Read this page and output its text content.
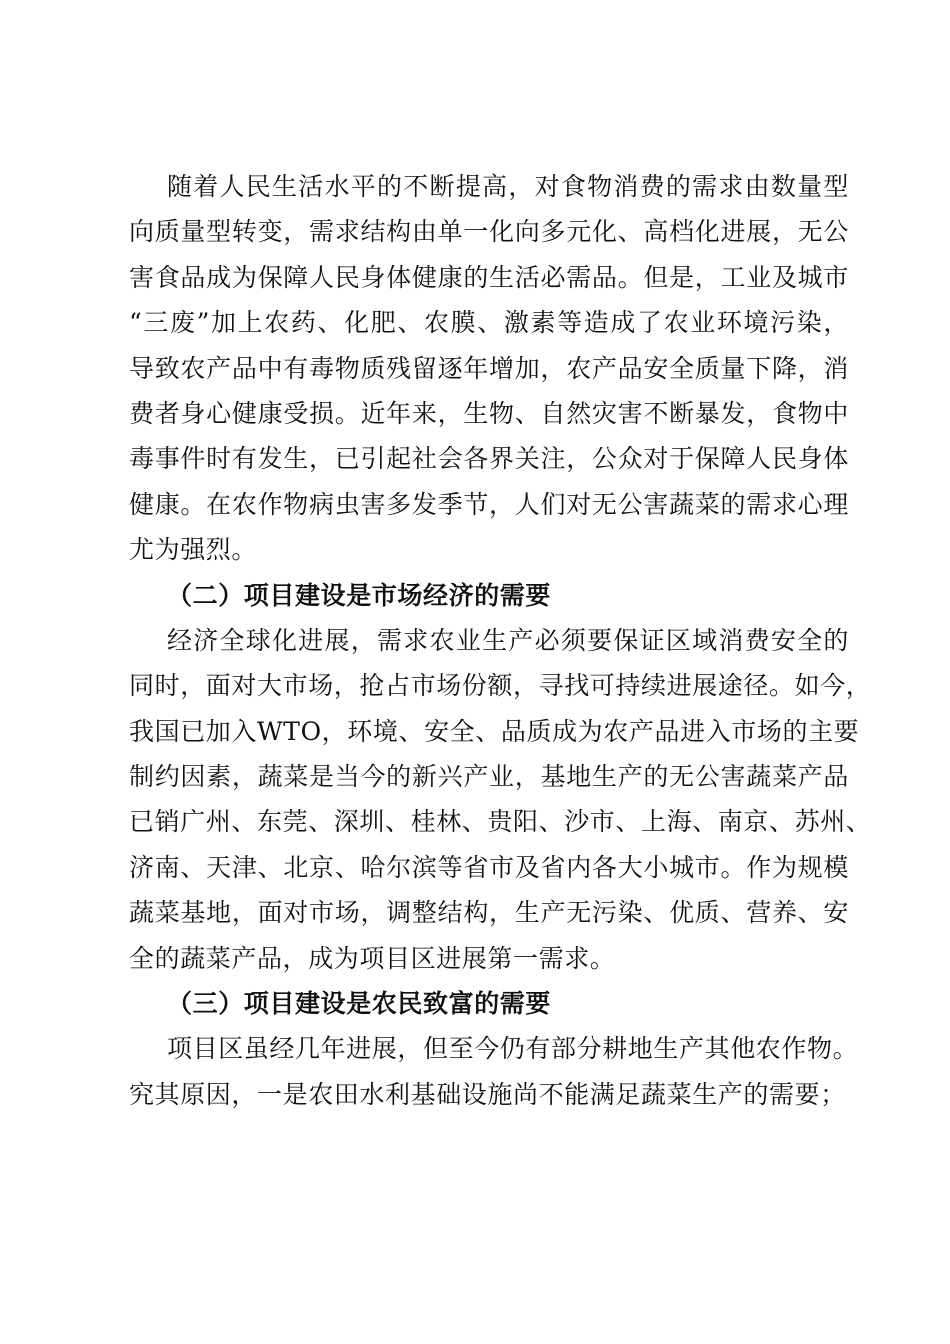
随着人民生活水平的不断提高，对食物消费的需求由数量型
向质量型转变，需求结构由单一化向多元化、高档化进展，无公
害食品成为保障人民身体健康的生活必需品。但是，工业及城市
“三废”加上农药、化肥、农膜、激素等造成了农业环境污染，
导致农产品中有毒物质残留逐年增加，农产品安全质量下降，消
费者身心健康受损。近年来，生物、自然灾害不断暴发，食物中
毒事件时有发生，已引起社会各界关注，公众对于保障人民身体
健康。在农作物病虫害多发季节，人们对无公害蔬菜的需求心理
尤为强烈。
（二）项目建设是市场经济的需要
经济全球化进展，需求农业生产必须要保证区域消费安全的
同时，面对大市场，抢占市场份额，寻找可持续进展途径。如今，
我国已加入WTO，环境、安全、品质成为农产品进入市场的主要
制约因素，蔬菜是当今的新兴产业，基地生产的无公害蔬菜产品
已销广州、东莞、深圳、桂林、贵阳、沙市、上海、南京、苏州、
济南、天津、北京、哈尔滨等省市及省内各大小城市。作为规模
蔬菜基地，面对市场，调整结构，生产无污染、优质、营养、安
全的蔬菜产品，成为项目区进展第一需求。
（三）项目建设是农民致富的需要
项目区虽经几年进展，但至今仍有部分耕地生产其他农作物。
究其原因，一是农田水利基础设施尚不能满足蔬菜生产的需要；
